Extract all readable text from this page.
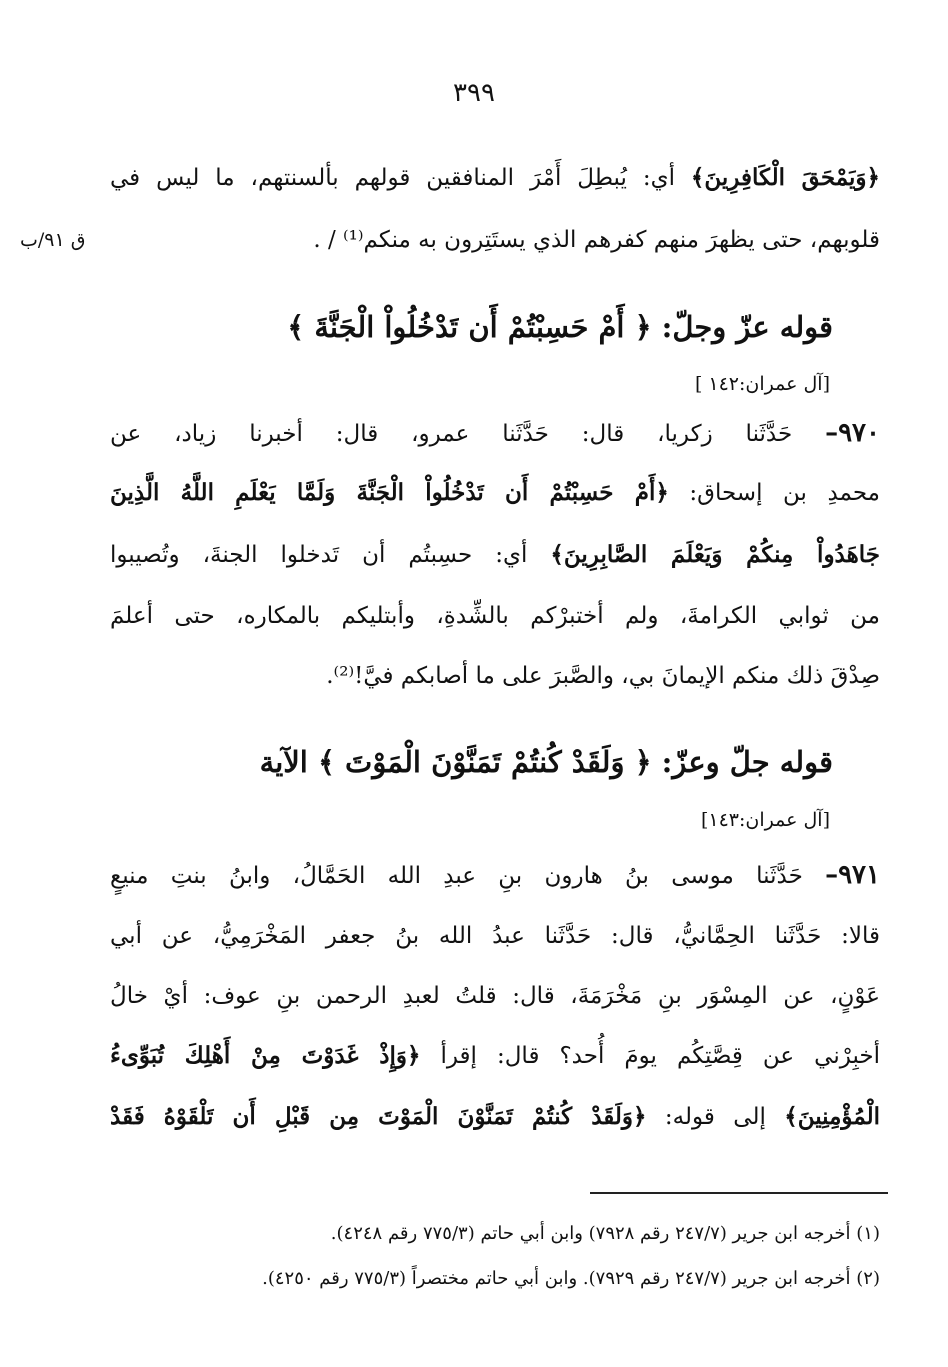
٣٩٩
ق ٩١/ب
﴿وَيَمْحَقَ الْكَافِرِينَ﴾ أي: يُبطِلَ أَمْرَ المنافقين قولهم بألسنتهم، ما ليس في
قلوبهم، حتى يظهرَ منهم كفرهم الذي يستَتِرون به منكم⁽¹⁾ / .
قوله عزّ وجلّ: ﴿ أَمْ حَسِبْتُمْ أَن تَدْخُلُواْ الْجَنَّةَ ﴾
[ آل عمران:١٤٢]
٩٧٠– حَدَّثَنا زكريا، قال: حَدَّثَنا عمرو، قال: أخبرنا زياد، عن
محمدِ بن إسحاق: ﴿أَمْ حَسِبْتُمْ أَن تَدْخُلُواْ الْجَنَّةَ وَلَمَّا يَعْلَمِ اللَّهُ الَّذِينَ
جَاهَدُواْ مِنكُمْ وَيَعْلَمَ الصَّابِرِينَ﴾ أي: حسِبتُم أن تَدخلوا الجنةَ، وتُصيبوا
من ثوابي الكرامةَ، ولم أختبرْكم بالشِّدةِ، وأبتليكم بالمكاره، حتى أعلمَ
صِدْقَ ذلك منكم الإيمانَ بي، والصَّبرَ على ما أصابكم فيَّ!⁽²⁾.
قوله جلّ وعزّ: ﴿ وَلَقَدْ كُنتُمْ تَمَنَّوْنَ الْمَوْتَ ﴾ الآية
[آل عمران:١٤٣]
٩٧١– حَدَّثَنا موسى بنُ هارون بنِ عبدِ الله الحَمَّالُ، وابنُ بنتِ منيعٍ
قالا: حَدَّثَنا الحِمَّانيُّ، قال: حَدَّثَنا عبدُ الله بنُ جعفر المَخْرَمِيُّ، عن أبي
عَوْنٍ، عن المِسْوَر بنِ مَخْرَمَةَ، قال: قلتُ لعبدِ الرحمن بنِ عوف: أيْ خالُ
أخبِرْني عن قِصَّتِكُم يومَ أُحد؟ قال: إقرأ ﴿وَإِذْ غَدَوْتَ مِنْ أَهْلِكَ تُبَوِّىءُ
الْمُؤْمِنِينَ﴾ إلى قوله: ﴿وَلَقَدْ كُنتُمْ تَمَنَّوْنَ الْمَوْتَ مِن قَبْلِ أَن تَلْقَوْهُ فَقَدْ
(١) أخرجه ابن جرير (٢٤٧/٧ رقم ٧٩٢٨) وابن أبي حاتم (٧٧٥/٣ رقم ٤٢٤٨).
(٢) أخرجه ابن جرير (٢٤٧/٧ رقم ٧٩٢٩). وابن أبي حاتم مختصراً (٧٧٥/٣ رقم ٤٢٥٠).
